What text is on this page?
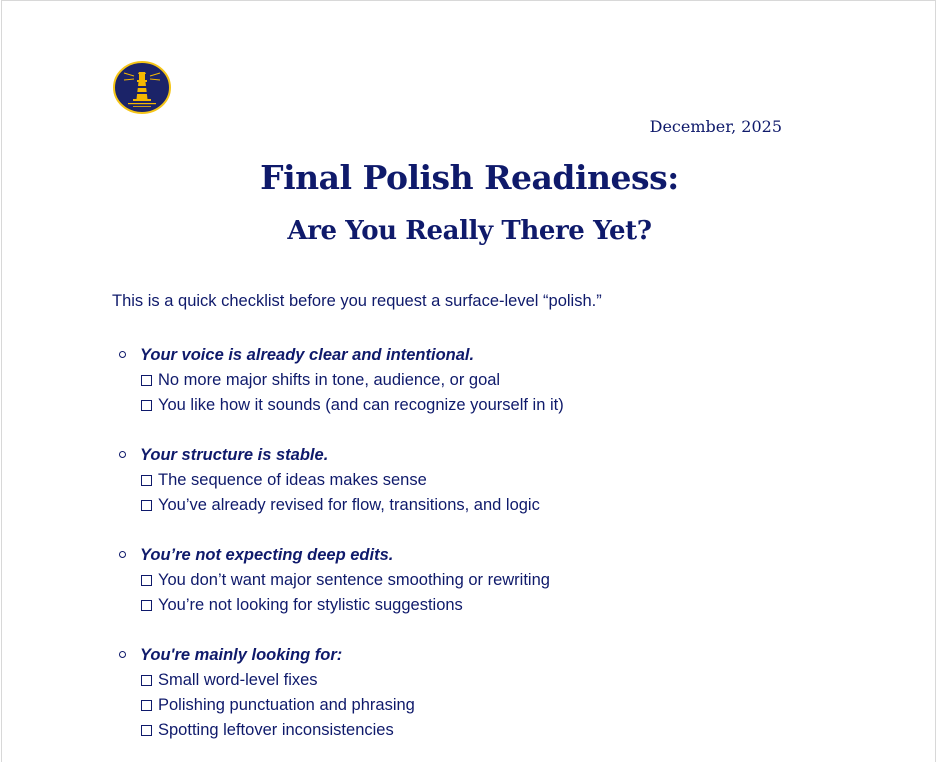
December, 2025
Final Polish Readiness:
Are You Really There Yet?

This is a quick checklist before you request a surface-level “polish.”

Your voice is already clear and intentional.
No more major shifts in tone, audience, or goal
You like how it sounds (and can recognize yourself in it)
Your structure is stable.
The sequence of ideas makes sense
You’ve already revised for flow, transitions, and logic
You’re not expecting deep edits.
You don’t want major sentence smoothing or rewriting
You’re not looking for stylistic suggestions
You're mainly looking for:
Small word-level fixes
Polishing punctuation and phrasing
Spotting leftover inconsistencies
